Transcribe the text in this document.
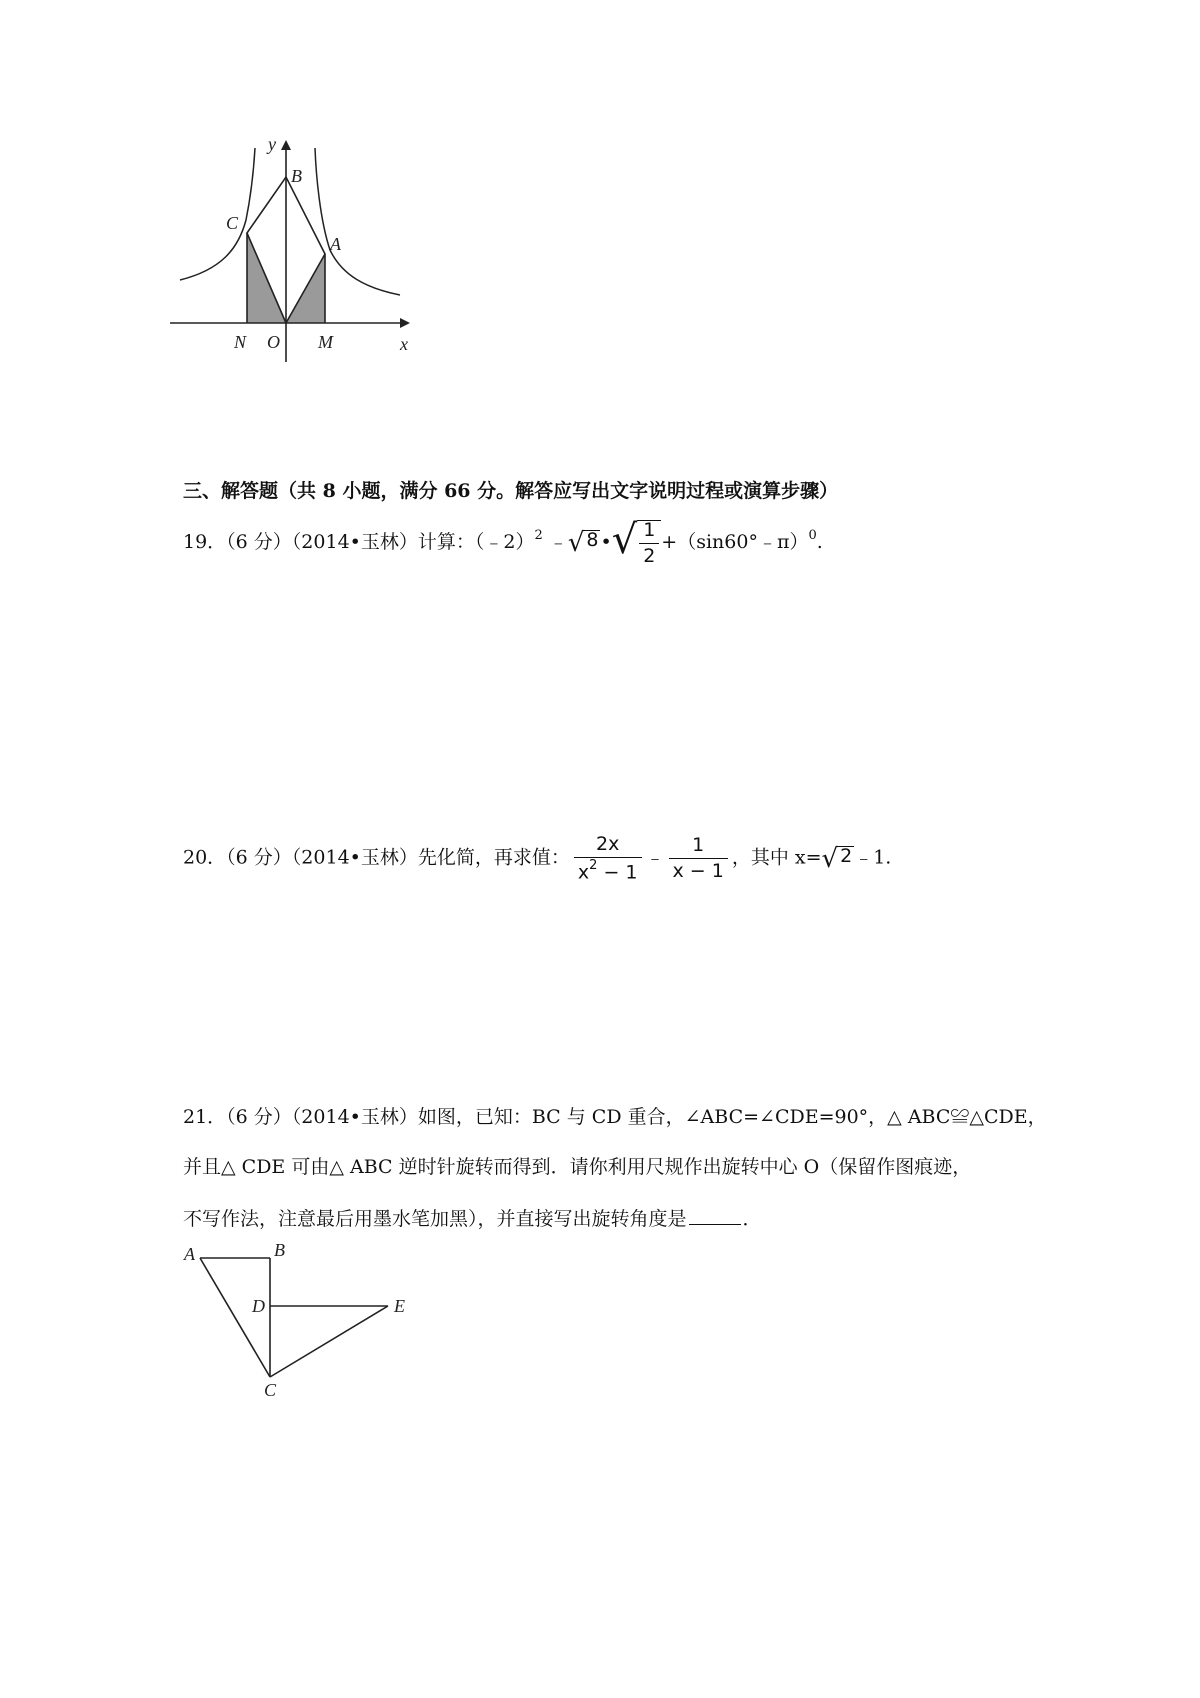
y
B
C
A
N O M	x
三、解答题（共 8 小题，满分 66 分。解答应写出文字说明过程或演算步骤）
19．（6 分）（2014•玉林）计算：（﹣2）$^2$ ﹣ √ 8 • √ $\frac{1}{2}$ +（sin60°﹣π）$^0$.
20．（6 分）（2014•玉林）先化简，再求值： $\frac{2x}{x^2 - 1}$ ﹣ $\frac{1}{x - 1}$ ，其中 x= √ 2 ﹣1.
21．（6 分）（2014•玉林）如图，已知：BC 与 CD 重合，∠ABC=∠CDE=90°，△ ABC≌△CDE，
并且△ CDE 可由△ ABC 逆时针旋转而得到．请你利用尺规作出旋转中心 O（保留作图痕迹，
不写作法，注意最后用墨水笔加黑），并直接写出旋转角度是	．
A	B
D	E
C
